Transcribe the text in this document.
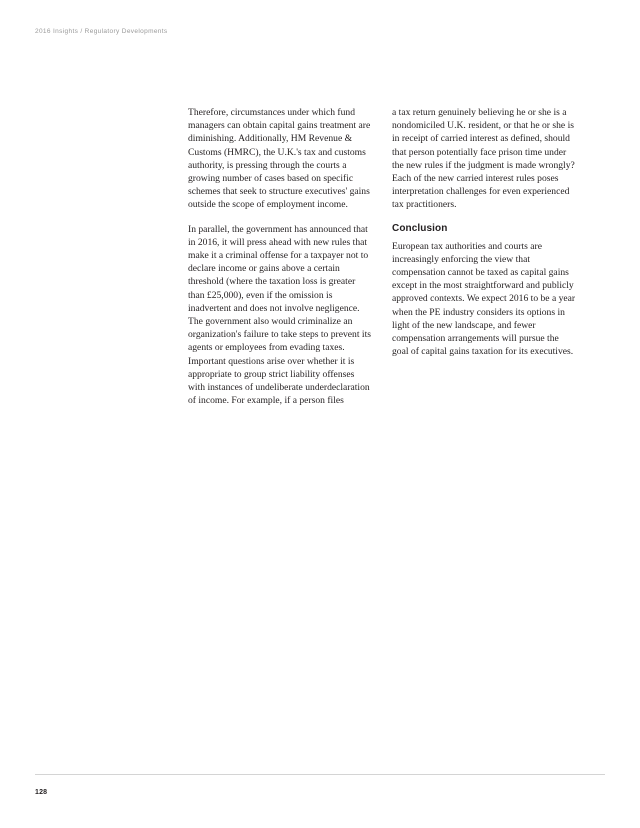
2016 Insights / Regulatory Developments

Therefore, circumstances under which fund managers can obtain capital gains treatment are diminishing. Additionally, HM Revenue & Customs (HMRC), the U.K.'s tax and customs authority, is pressing through the courts a growing number of cases based on specific schemes that seek to structure executives' gains outside the scope of employment income.

In parallel, the government has announced that in 2016, it will press ahead with new rules that make it a criminal offense for a taxpayer not to declare income or gains above a certain threshold (where the taxation loss is greater than £25,000), even if the omission is inadvertent and does not involve negligence. The government also would criminalize an organization's failure to take steps to prevent its agents or employees from evading taxes. Important questions arise over whether it is appropriate to group strict liability offenses with instances of undeliberate underdeclaration of income. For example, if a person files

a tax return genuinely believing he or she is a nondomiciled U.K. resident, or that he or she is in receipt of carried interest as defined, should that person potentially face prison time under the new rules if the judgment is made wrongly? Each of the new carried interest rules poses interpretation challenges for even experienced tax practitioners.

Conclusion

European tax authorities and courts are increasingly enforcing the view that compensation cannot be taxed as capital gains except in the most straightforward and publicly approved contexts. We expect 2016 to be a year when the PE industry considers its options in light of the new landscape, and fewer compensation arrangements will pursue the goal of capital gains taxation for its executives.

128
